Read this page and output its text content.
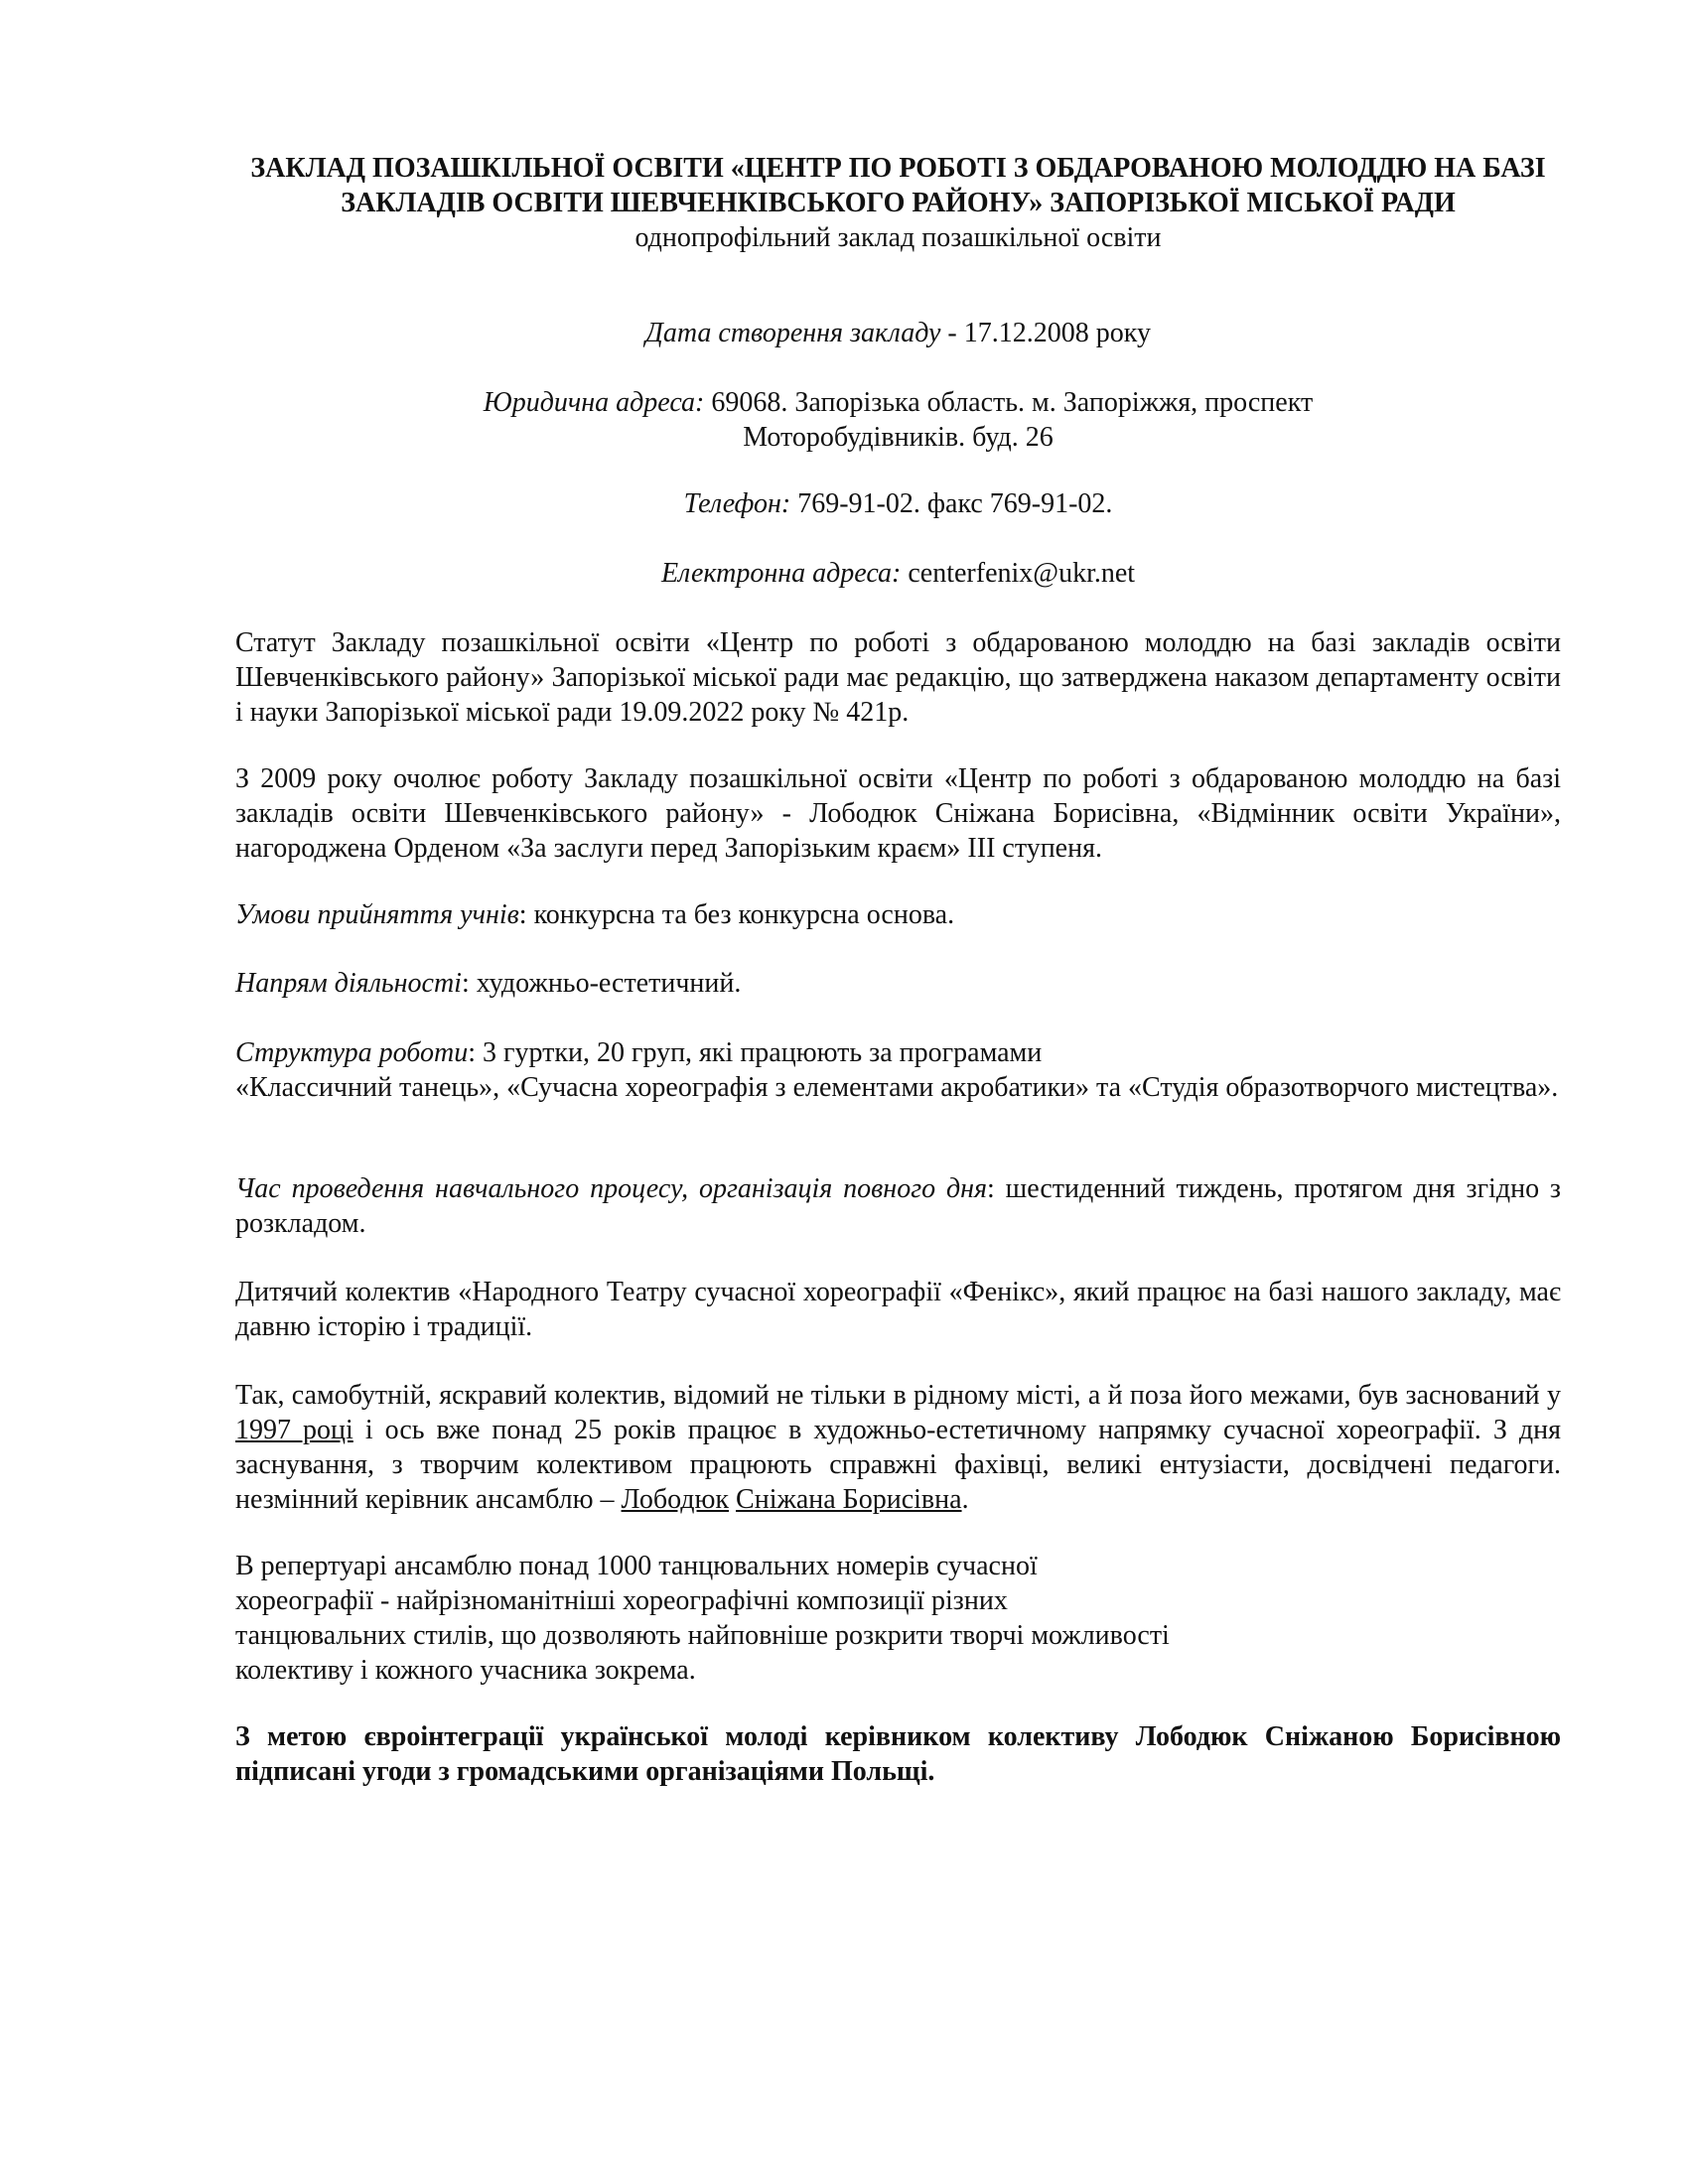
ЗАКЛАД ПОЗАШКІЛЬНОЇ ОСВІТИ «ЦЕНТР ПО РОБОТІ З ОБДАРОВАНОЮ МОЛОДДЮ НА БАЗІ
ЗАКЛАДІВ ОСВІТИ ШЕВЧЕНКІВСЬКОГО РАЙОНУ» ЗАПОРІЗЬКОЇ МІСЬКОЇ РАДИ

однопрофільний заклад позашкільної освіти

Дата створення закладу - 17.12.2008 року
Юридична адреса: 69068. Запорізька область. м. Запоріжжя, проспект
Моторобудівників. буд. 26
Телефон: 769-91-02. факс 769-91-02.
Електронна адреса: centerfenix@ukr.net

Статут Закладу позашкільної освіти «Центр по роботі з обдарованою молоддю на базі закладів освіти Шевченківського району» Запорізької міської ради має редакцію, що затверджена наказом департаменту освіти і науки Запорізької міської ради 19.09.2022 року № 421р.

З 2009 року очолює роботу Закладу позашкільної освіти «Центр по роботі з обдарованою молоддю на базі закладів освіти Шевченківського району» - Лободюк Сніжана Борисівна, «Відмінник освіти України», нагороджена Орденом «За заслуги перед Запорізьким краєм» ІІІ ступеня.

Умови прийняття учнів: конкурсна та без конкурсна основа.

Напрям діяльності: художньо-естетичний.

Структура роботи: 3 гуртки, 20 груп, які працюють за програмами
«Классичний танець», «Сучасна хореографія з елементами акробатики» та «Студія образотворчого мистецтва».

Час проведення навчального процесу, організація повного дня: шестиденний тиждень, протягом дня згідно з розкладом.

Дитячий колектив «Народного Театру сучасної хореографії «Фенікс», який працює на базі нашого закладу, має давню історію і традиції.

Так, самобутній, яскравий колектив, відомий не тільки в рідному місті, а й поза його межами, був заснований у 1997 році і ось вже понад 25 років працює в художньо-естетичному напрямку сучасної хореографії. З дня заснування, з творчим колективом працюють справжні фахівці, великі ентузіасти, досвідчені педагоги. незмінний керівник ансамблю – Лободюк Сніжана Борисівна.

В репертуарі ансамблю понад 1000 танцювальних номерів сучасної
хореографії - найрізноманітніші хореографічні композиції різних
танцювальних стилів, що дозволяють найповніше розкрити творчі можливості
колективу і кожного учасника зокрема.

З метою євроінтеграції української молоді керівником колективу Лободюк Сніжаною Борисівною підписані угоди з громадськими організаціями Польщі.
